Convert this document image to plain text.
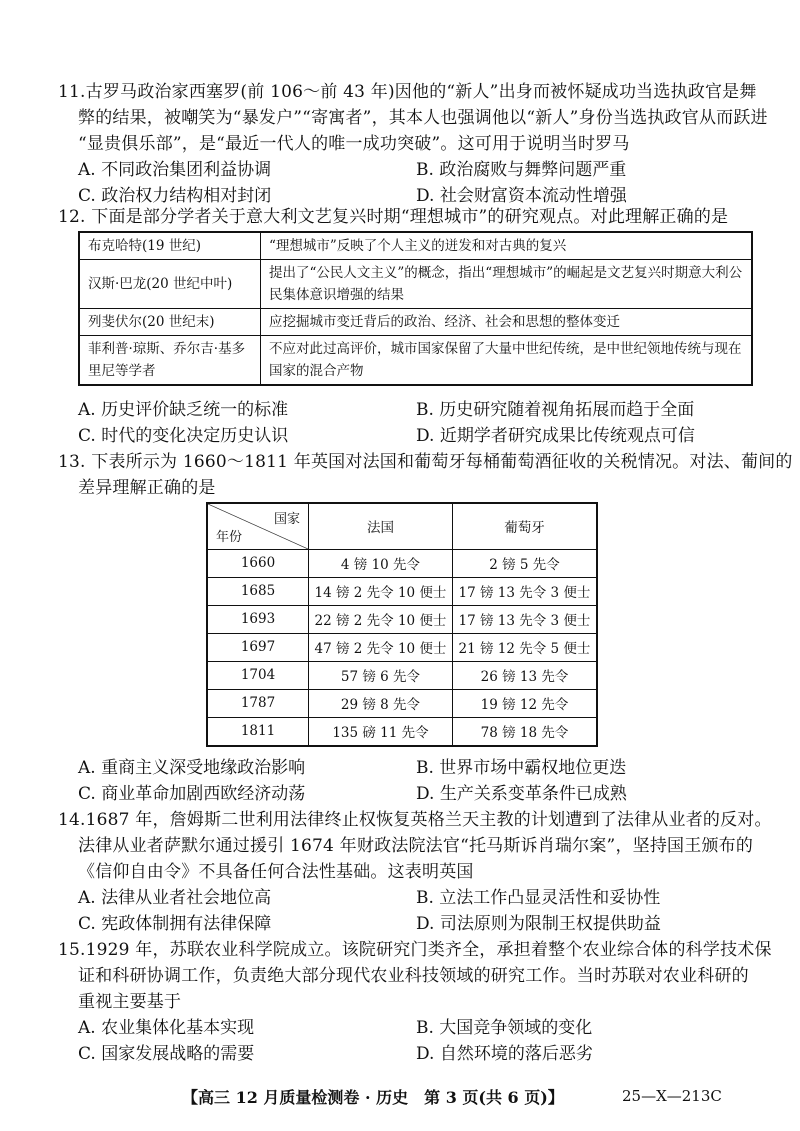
11.古罗马政治家西塞罗(前 106～前 43 年)因他的“新人”出身而被怀疑成功当选执政官是舞
弊的结果，被嘲笑为“暴发户”“寄寓者”，其本人也强调他以“新人”身份当选执政官从而跃进
“显贵俱乐部”，是“最近一代人的唯一成功突破”。这可用于说明当时罗马
A. 不同政治集团利益协调	B. 政治腐败与舞弊问题严重
C. 政治权力结构相对封闭	D. 社会财富资本流动性增强
12. 下面是部分学者关于意大利文艺复兴时期“理想城市”的研究观点。对此理解正确的是
布克哈特(19 世纪)	“理想城市”反映了个人主义的迸发和对古典的复兴
汉斯·巴龙(20 世纪中叶)	提出了“公民人文主义”的概念，指出“理想城市”的崛起是文艺复兴时期意大利公民集体意识增强的结果
列斐伏尔(20 世纪末)	应挖掘城市变迁背后的政治、经济、社会和思想的整体变迁
菲利普·琼斯、乔尔吉·基多里尼等学者	不应对此过高评价，城市国家保留了大量中世纪传统，是中世纪领地传统与现在国家的混合产物
A. 历史评价缺乏统一的标准	B. 历史研究随着视角拓展而趋于全面
C. 时代的变化决定历史认识	D. 近期学者研究成果比传统观点可信
13. 下表所示为 1660～1811 年英国对法国和葡萄牙每桶葡萄酒征收的关税情况。对法、葡间的
差异理解正确的是
国家
年份	法国	葡萄牙
1660	4 镑 10 先令	2 镑 5 先令
1685	14 镑 2 先令 10 便士	17 镑 13 先令 3 便士
1693	22 镑 2 先令 10 便士	17 镑 13 先令 3 便士
1697	47 镑 2 先令 10 便士	21 镑 12 先令 5 便士
1704	57 镑 6 先令	26 镑 13 先令
1787	29 镑 8 先令	19 镑 12 先令
1811	135 磅 11 先令	78 镑 18 先令
A. 重商主义深受地缘政治影响	B. 世界市场中霸权地位更迭
C. 商业革命加剧西欧经济动荡	D. 生产关系变革条件已成熟
14.1687 年，詹姆斯二世利用法律终止权恢复英格兰天主教的计划遭到了法律从业者的反对。
法律从业者萨默尔通过援引 1674 年财政法院法官“托马斯诉肖瑞尔案”，坚持国王颁布的
《信仰自由令》不具备任何合法性基础。这表明英国
A. 法律从业者社会地位高	B. 立法工作凸显灵活性和妥协性
C. 宪政体制拥有法律保障	D. 司法原则为限制王权提供助益
15.1929 年，苏联农业科学院成立。该院研究门类齐全，承担着整个农业综合体的科学技术保
证和科研协调工作，负责绝大部分现代农业科技领域的研究工作。当时苏联对农业科研的
重视主要基于
A. 农业集体化基本实现	B. 大国竞争领域的变化
C. 国家发展战略的需要	D. 自然环境的落后恶劣
【高三 12 月质量检测卷 · 历史　第 3 页(共 6 页)】	25—X—213C
